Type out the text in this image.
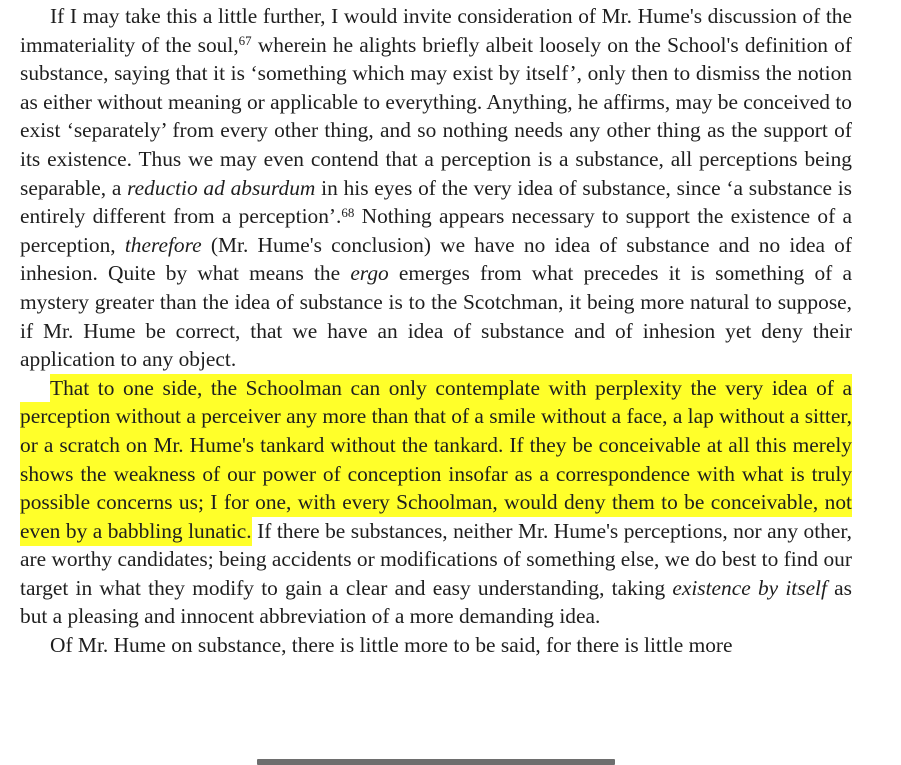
If I may take this a little further, I would invite consideration of Mr. Hume's discussion of the immateriality of the soul,$^{67}$ wherein he alights briefly albeit loosely on the School's definition of substance, saying that it is ‘something which may exist by itself’, only then to dismiss the notion as either without meaning or applicable to everything. Anything, he affirms, may be conceived to exist ‘separately’ from every other thing, and so nothing needs any other thing as the support of its existence. Thus we may even contend that a perception is a substance, all perceptions being separable, a reductio ad absurdum in his eyes of the very idea of substance, since ‘a substance is entirely different from a perception’.$^{68}$ Nothing appears necessary to support the existence of a perception, therefore (Mr. Hume's conclusion) we have no idea of substance and no idea of inhesion. Quite by what means the ergo emerges from what precedes it is something of a mystery greater than the idea of substance is to the Scotchman, it being more natural to suppose, if Mr. Hume be correct, that we have an idea of substance and of inhesion yet deny their application to any object.

That to one side, the Schoolman can only contemplate with perplexity the very idea of a perception without a perceiver any more than that of a smile without a face, a lap without a sitter, or a scratch on Mr. Hume's tankard without the tankard. If they be conceivable at all this merely shows the weakness of our power of conception insofar as a correspondence with what is truly possible concerns us; I for one, with every Schoolman, would deny them to be conceivable, not even by a babbling lunatic. If there be substances, neither Mr. Hume's perceptions, nor any other, are worthy candidates; being accidents or modifications of something else, we do best to find our target in what they modify to gain a clear and easy understanding, taking existence by itself as but a pleasing and innocent abbreviation of a more demanding idea.

Of Mr. Hume on substance, there is little more to be said, for there is little more
